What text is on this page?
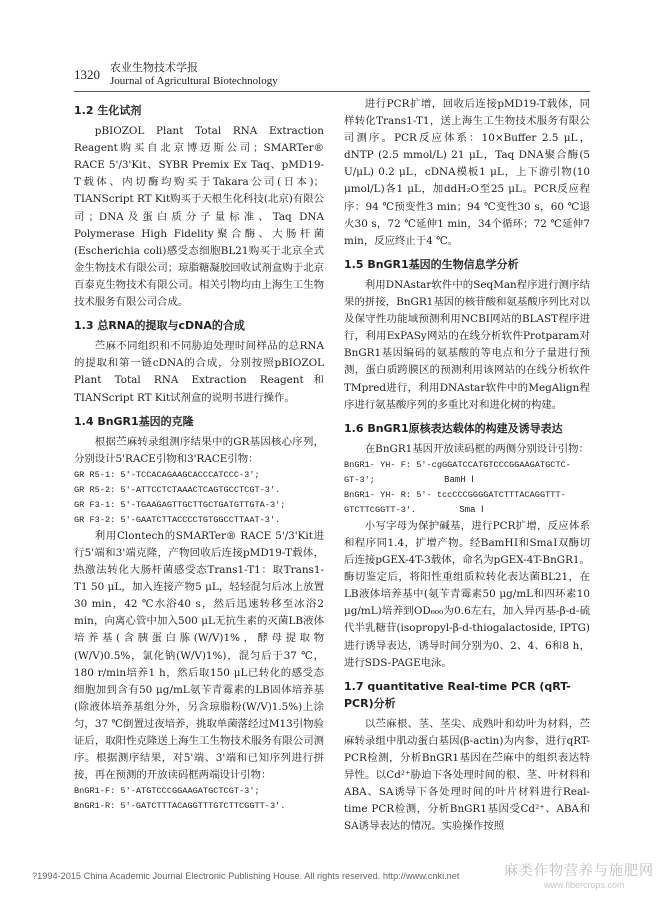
1320 农业生物技术学报
Journal of Agricultural Biotechnology
1.2 生化试剂

pBIOZOL Plant Total RNA Extraction Reagent购买自北京博迈斯公司；SMARTer® RACE 5'/3'Kit、SYBR Premix Ex Taq、pMD19-T载体、内切酶均购买于Takara公司(日本)；TIANScript RT Kit购买于天根生化科技(北京)有限公司；DNA及蛋白质分子量标准、Taq DNA Polymerase High Fidelity聚合酶、大肠杆菌(Escherichia coli)感受态细胞BL21购买于北京全式金生物技术有限公司；琼脂糖凝胶回收试剂盒购于北京百泰克生物技术有限公司。相关引物均由上海生工生物技术服务有限公司合成。

1.3 总RNA的提取与cDNA的合成

苎麻不同组织和不同胁迫处理时间样品的总RNA的提取和第一链cDNA的合成，分别按照pBIOZOL Plant Total RNA Extraction Reagent和TIANScript RT Kit试剂盒的说明书进行操作。

1.4 BnGR1基因的克隆

根据苎麻转录组测序结果中的GR基因核心序列，分别设计5'RACE引物和3'RACE引物：

GR R5-1: 5'-TCCACAGAAGCACCCATCCC-3';
GR R5-2: 5'-ATTCCTCTAAACTCAGTGCCTCGT-3'.
GR F3-1: 5'-TGAAGAGTTGCTTGCTGATGTTGTA-3';
GR F3-2: 5'-GAATCTTACCCCTGTGGCCTTAAT-3'.

利用Clontech的SMARTer® RACE 5'/3'Kit进行5'端和3'端克隆，产物回收后连接pMD19-T载体，热激法转化大肠杆菌感受态Trans1-T1：取Trans1-T1 50 μL，加入连接产物5 μL，轻轻混匀后冰上放置30 min，42 ℃水浴40 s，然后迅速转移至冰浴2 min，向离心管中加入500 μL无抗生素的灭菌LB液体培养基(含胰蛋白胨(W/V)1%，酵母提取物(W/V)0.5%，氯化钠(W/V)1%)，混匀后于37 ℃，180 r/min培养1 h，然后取150 μL已转化的感受态细胞加到含有50 μg/mL氨苄青霉素的LB固体培养基(除液体培养基组分外，另含琼脂粉(W/V)1.5%)上涂匀，37 ℃倒置过夜培养，挑取单菌落经过M13引物验证后，取阳性克隆送上海生工生物技术服务有限公司测序。根据测序结果，对5'端、3'端和已知序列进行拼接，再在预测的开放读码框两端设计引物：

BnGR1-F: 5'-ATGTCCCGGAAGATGCTCGT-3';
BnGR1-R: 5'-GATCTTTACAGGTTTGTCTTCGGTT-3'.

进行PCR扩增，回收后连接pMD19-T载体，同样转化Trans1-T1，送上海生工生物技术服务有限公司测序。PCR反应体系：10×Buffer 2.5 μL，dNTP (2.5 mmol/L) 21 μL，Taq DNA聚合酶(5 U/μL) 0.2 μL，cDNA模板1 μL，上下游引物(10 μmol/L)各1 μL，加ddH₂O至25 μL。PCR反应程序：94 ℃预变性3 min；94 ℃变性30 s，60 ℃退火30 s，72 ℃延伸1 min，34个循环；72 ℃延伸7 min，反应终止于4 ℃。

1.5 BnGR1基因的生物信息学分析

利用DNAstar软件中的SeqMan程序进行测序结果的拼接，BnGR1基因的核苷酸和氨基酸序列比对以及保守性功能域预测利用NCBI网站的BLAST程序进行，利用ExPASy网站的在线分析软件Protparam对BnGR1基因编码的氨基酸的等电点和分子量进行预测，蛋白质跨膜区的预测利用该网站的在线分析软件TMpred进行，利用DNAstar软件中的MegAlign程序进行氨基酸序列的多重比对和进化树的构建。

1.6 BnGR1原核表达载体的构建及诱导表达

在BnGR1基因开放读码框的两侧分别设计引物：

BnGR1- YH- F: 5'-cgGGATCCATGTCCCGGAAGATGCTC-
GT-3';	BamH Ⅰ
BnGR1- YH- R: 5'- tccCCCGGGGATCTTTACAGGTTT-
GTCTTCGGTT-3'.	Sma Ⅰ

小写字母为保护碱基，进行PCR扩增，反应体系和程序同1.4，扩增产物。经BamHⅠ和SmaⅠ双酶切后连接pGEX-4T-3载体，命名为pGEX-4T-BnGR1。酶切鉴定后，将阳性重组质粒转化表达菌BL21，在LB液体培养基中(氨苄青霉素50 μg/mL和四环素10 μg/mL)培养到OD₆₀₀为0.6左右，加入异丙基-β-d-硫代半乳糖苷(isopropyl-β-d-thiogalactoside, IPTG)进行诱导表达，诱导时间分别为0、2、4、6和8 h，进行SDS-PAGE电泳。

1.7 quantitative Real-time PCR (qRT-PCR)分析

以苎麻根、茎、茎尖、成熟叶和幼叶为材料，苎麻转录组中肌动蛋白基因(β-actin)为内参，进行qRT-PCR检测，分析BnGR1基因在苎麻中的组织表达特异性。以Cd²⁺胁迫下各处理时间的根、茎、叶材料和ABA、SA诱导下各处理时间的叶片材料进行Real-time PCR检测，分析BnGR1基因受Cd²⁺、ABA和SA诱导表达的情况。实验操作按照

?1994-2015 China Academic Journal Electronic Publishing House. All rights reserved. http://www.cnki.net	麻类作物营养与施肥网
www.fibercrops.com
